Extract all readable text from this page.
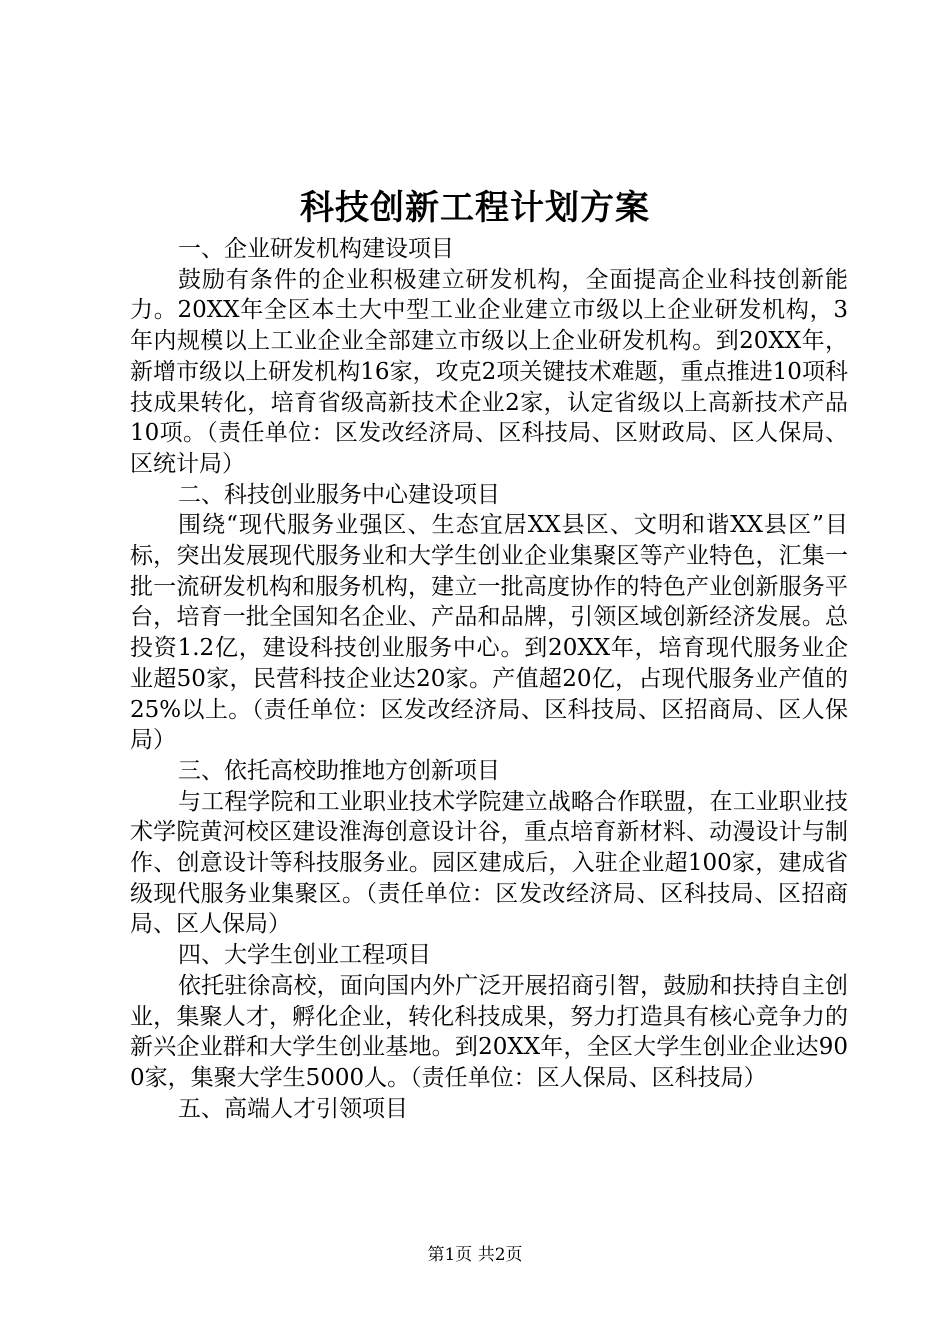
科技创新工程计划方案

一、企业研发机构建设项目

鼓励有条件的企业积极建立研发机构，全面提高企业科技创新能力。20XX年全区本土大中型工业企业建立市级以上企业研发机构，3年内规模以上工业企业全部建立市级以上企业研发机构。到20XX年，新增市级以上研发机构16家，攻克2项关键技术难题，重点推进10项科技成果转化，培育省级高新技术企业2家，认定省级以上高新技术产品10项。（责任单位：区发改经济局、区科技局、区财政局、区人保局、区统计局）

二、科技创业服务中心建设项目

围绕“现代服务业强区、生态宜居XX县区、文明和谐XX县区”目标，突出发展现代服务业和大学生创业企业集聚区等产业特色，汇集一批一流研发机构和服务机构，建立一批高度协作的特色产业创新服务平台，培育一批全国知名企业、产品和品牌，引领区域创新经济发展。总投资1.2亿，建设科技创业服务中心。到20XX年，培育现代服务业企业超50家，民营科技企业达20家。产值超20亿，占现代服务业产值的25%以上。（责任单位：区发改经济局、区科技局、区招商局、区人保局）

三、依托高校助推地方创新项目

与工程学院和工业职业技术学院建立战略合作联盟，在工业职业技术学院黄河校区建设淮海创意设计谷，重点培育新材料、动漫设计与制作、创意设计等科技服务业。园区建成后，入驻企业超100家，建成省级现代服务业集聚区。（责任单位：区发改经济局、区科技局、区招商局、区人保局）

四、大学生创业工程项目

依托驻徐高校，面向国内外广泛开展招商引智，鼓励和扶持自主创业，集聚人才，孵化企业，转化科技成果，努力打造具有核心竞争力的新兴企业群和大学生创业基地。到20XX年，全区大学生创业企业达900家，集聚大学生5000人。（责任单位：区人保局、区科技局）

五、高端人才引领项目

第1页 共2页
